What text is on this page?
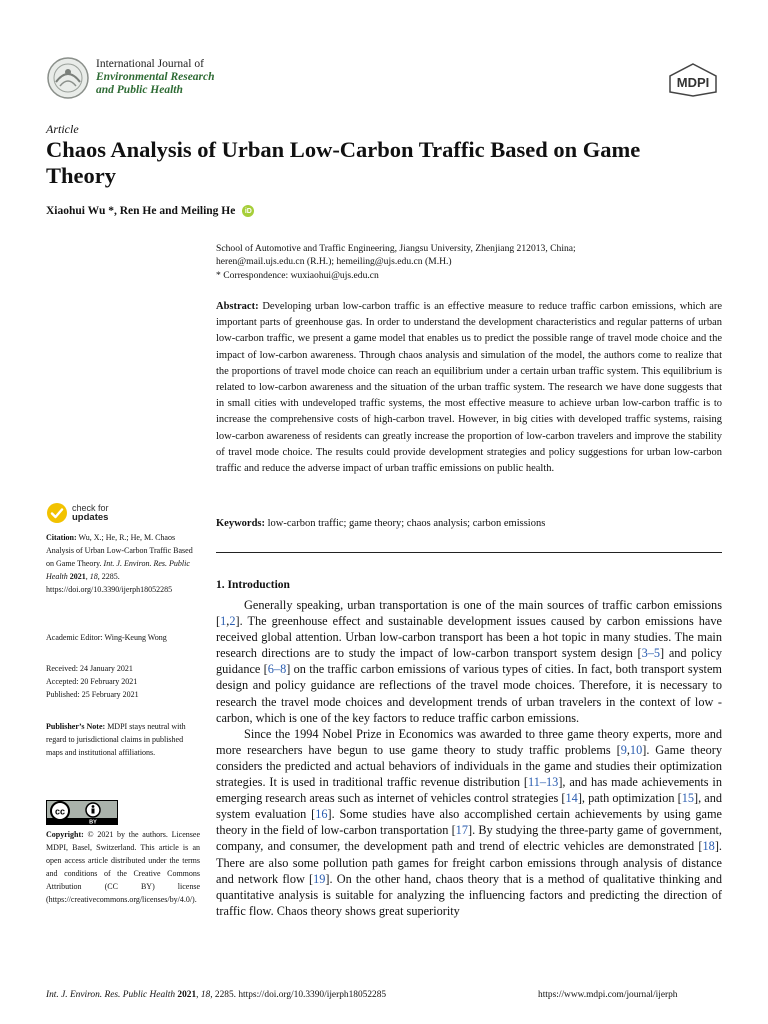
International Journal of
Environmental Research
and Public Health	MDPI
Article
Chaos Analysis of Urban Low-Carbon Traffic Based on Game Theory
Xiaohui Wu *, Ren He and Meiling He	iD
School of Automotive and Traffic Engineering, Jiangsu University, Zhenjiang 212013, China;
heren@mail.ujs.edu.cn (R.H.); hemeiling@ujs.edu.cn (M.H.)
* Correspondence: wuxiaohui@ujs.edu.cn
Abstract: Developing urban low-carbon traffic is an effective measure to reduce traffic carbon emissions, which are important parts of greenhouse gas. In order to understand the development characteristics and regular patterns of urban low-carbon traffic, we present a game model that enables us to predict the possible range of travel mode choice and the impact of low-carbon awareness. Through chaos analysis and simulation of the model, the authors come to realize that the proportions of travel mode choice can reach an equilibrium under a certain urban traffic system. This equilibrium is related to low-carbon awareness and the situation of the urban traffic system. The research we have done suggests that in small cities with undeveloped traffic systems, the most effective measure to achieve urban low-carbon traffic is to increase the comprehensive costs of high-carbon travel. However, in big cities with developed traffic systems, raising low-carbon awareness of residents can greatly increase the proportion of low-carbon travelers and improve the stability of travel mode choice. The results could provide development strategies and policy suggestions for urban low-carbon traffic and reduce the adverse impact of urban traffic emissions on public health.
Keywords: low-carbon traffic; game theory; chaos analysis; carbon emissions
1. Introduction

Generally speaking, urban transportation is one of the main sources of traffic carbon emissions [1,2]. The greenhouse effect and sustainable development issues caused by carbon emissions have received global attention. Urban low-carbon transport has been a hot topic in many studies. The main research directions are to study the impact of low-carbon transport system design [3–5] and policy guidance [6–8] on the traffic carbon emissions of various types of cities. In fact, both transport system design and policy guidance are reflections of the travel mode choices. Therefore, it is necessary to research the travel mode choices and development trends of urban travelers in the context of low -carbon, which is one of the key factors to reduce traffic carbon emissions.

Since the 1994 Nobel Prize in Economics was awarded to three game theory experts, more and more researchers have begun to use game theory to study traffic problems [9,10]. Game theory considers the predicted and actual behaviors of individuals in the game and studies their optimization strategies. It is used in traditional traffic revenue distribution [11–13], and has made achievements in emerging research areas such as internet of vehicles control strategies [14], path optimization [15], and system evaluation [16]. Some studies have also accomplished certain achievements by using game theory in the field of low-carbon transportation [17]. By studying the three-party game of government, company, and consumer, the development path and trend of electric vehicles are demonstrated [18]. There are also some pollution path games for freight carbon emissions through analysis of distance and network flow [19]. On the other hand, chaos theory that is a method of qualitative thinking and quantitative analysis is suitable for analyzing the influencing factors and predicting the direction of traffic flow. Chaos theory shows great superiority

check for
updates
Citation: Wu, X.; He, R.; He, M. Chaos Analysis of Urban Low-Carbon Traffic Based on Game Theory. Int. J. Environ. Res. Public Health 2021, 18, 2285. https://doi.org/10.3390/ijerph18052285
Academic Editor: Wing-Keung Wong
Received: 24 January 2021
Accepted: 20 February 2021
Published: 25 February 2021
Publisher’s Note: MDPI stays neutral with regard to jurisdictional claims in published maps and institutional affiliations.
cc
BY
Copyright: © 2021 by the authors. Licensee MDPI, Basel, Switzerland. This article is an open access article distributed under the terms and conditions of the Creative Commons Attribution (CC BY) license (https://creativecommons.org/licenses/by/4.0/).
Int. J. Environ. Res. Public Health 2021, 18, 2285. https://doi.org/10.3390/ijerph18052285	https://www.mdpi.com/journal/ijerph
